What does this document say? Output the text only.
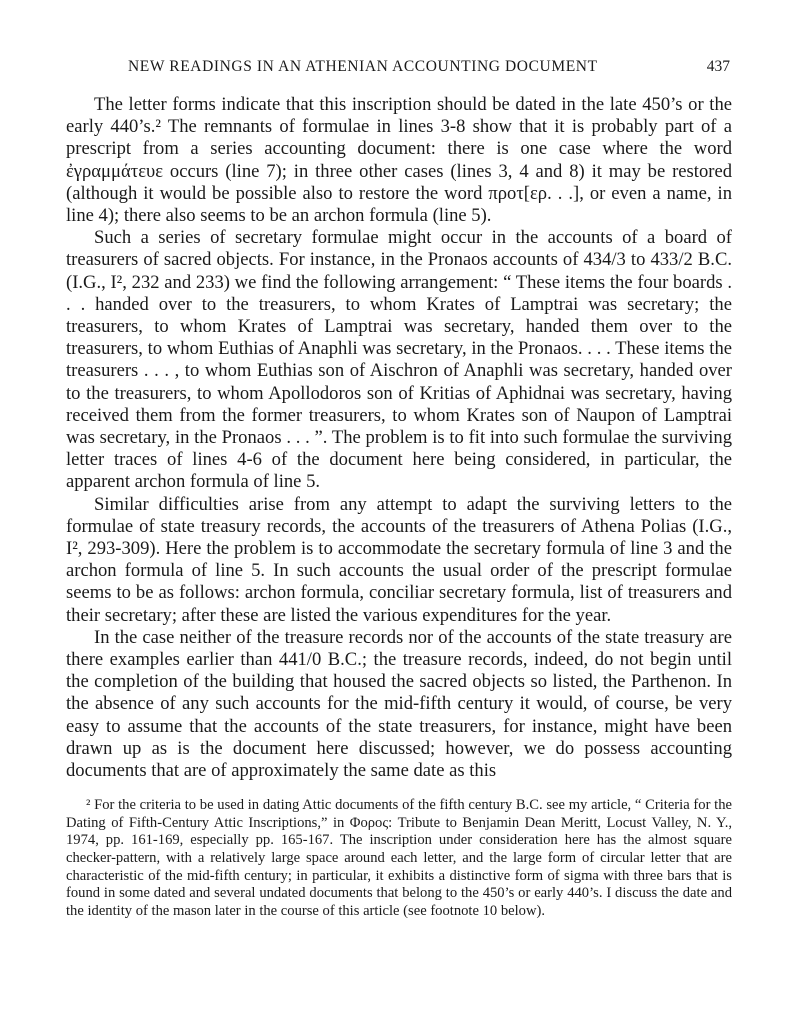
NEW READINGS IN AN ATHENIAN ACCOUNTING DOCUMENT	437

The letter forms indicate that this inscription should be dated in the late 450’s or the early 440’s.² The remnants of formulae in lines 3-8 show that it is probably part of a prescript from a series accounting document: there is one case where the word ἐγραμμάτευε occurs (line 7); in three other cases (lines 3, 4 and 8) it may be restored (although it would be possible also to restore the word προτ[ερ. . .], or even a name, in line 4); there also seems to be an archon formula (line 5).

Such a series of secretary formulae might occur in the accounts of a board of treasurers of sacred objects. For instance, in the Pronaos accounts of 434/3 to 433/2 B.C. (I.G., I², 232 and 233) we find the following arrangement: “ These items the four boards . . . handed over to the treasurers, to whom Krates of Lamptrai was secretary; the treasurers, to whom Krates of Lamptrai was secretary, handed them over to the treasurers, to whom Euthias of Anaphli was secretary, in the Pronaos. . . . These items the treasurers . . . , to whom Euthias son of Aischron of Anaphli was secretary, handed over to the treasurers, to whom Apollodoros son of Kritias of Aphidnai was secretary, having received them from the former treasurers, to whom Krates son of Naupon of Lamptrai was secretary, in the Pronaos . . . ”. The problem is to fit into such formulae the surviving letter traces of lines 4-6 of the document here being considered, in particular, the apparent archon formula of line 5.

Similar difficulties arise from any attempt to adapt the surviving letters to the formulae of state treasury records, the accounts of the treasurers of Athena Polias (I.G., I², 293-309). Here the problem is to accommodate the secretary formula of line 3 and the archon formula of line 5. In such accounts the usual order of the prescript formulae seems to be as follows: archon formula, conciliar secretary formula, list of treasurers and their secretary; after these are listed the various expenditures for the year.

In the case neither of the treasure records nor of the accounts of the state treasury are there examples earlier than 441/0 B.C.; the treasure records, indeed, do not begin until the completion of the building that housed the sacred objects so listed, the Parthenon. In the absence of any such accounts for the mid-fifth century it would, of course, be very easy to assume that the accounts of the state treasurers, for instance, might have been drawn up as is the document here discussed; however, we do possess accounting documents that are of approximately the same date as this

² For the criteria to be used in dating Attic documents of the fifth century B.C. see my article, “ Criteria for the Dating of Fifth-Century Attic Inscriptions,” in Φορος: Tribute to Benjamin Dean Meritt, Locust Valley, N. Y., 1974, pp. 161-169, especially pp. 165-167. The inscription under consideration here has the almost square checker-pattern, with a relatively large space around each letter, and the large form of circular letter that are characteristic of the mid-fifth century; in particular, it exhibits a distinctive form of sigma with three bars that is found in some dated and several undated documents that belong to the 450’s or early 440’s. I discuss the date and the identity of the mason later in the course of this article (see footnote 10 below).
